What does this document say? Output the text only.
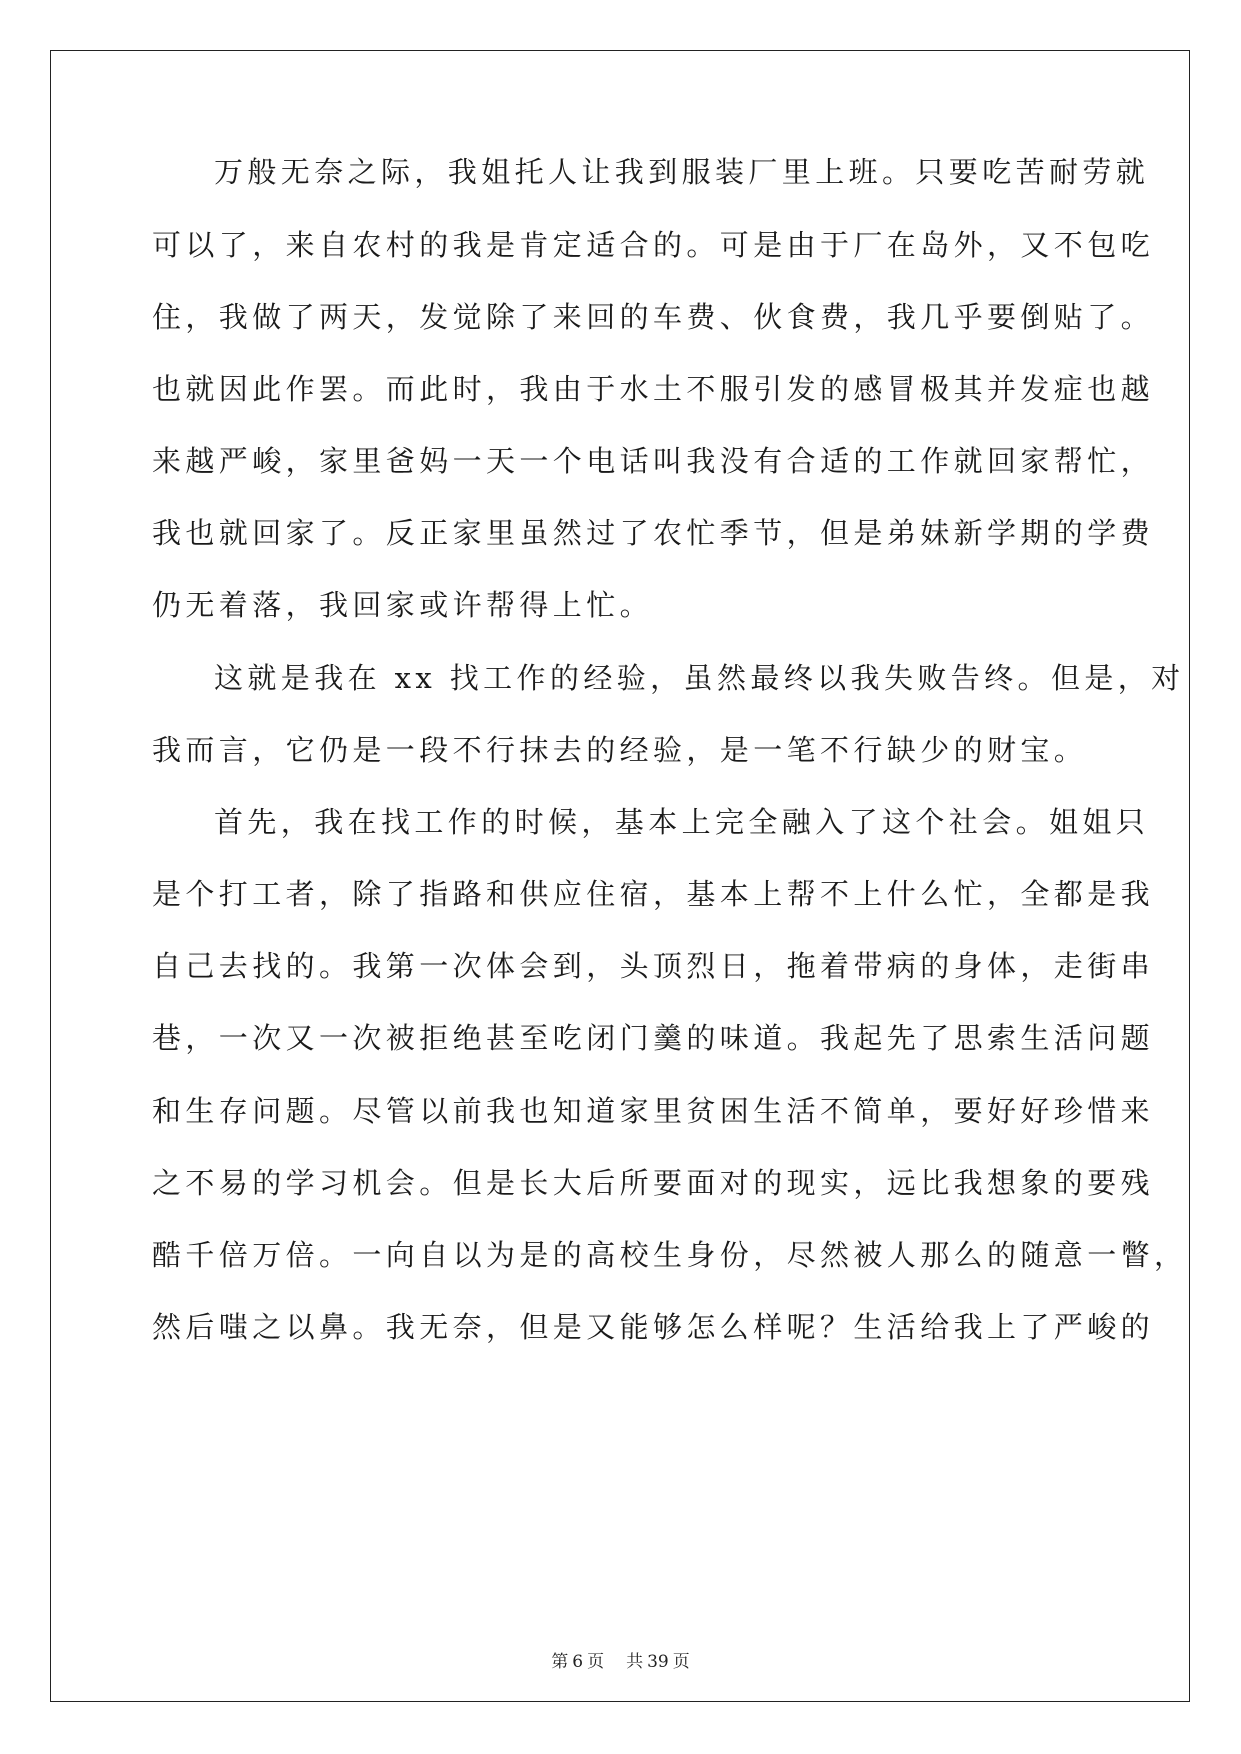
万般无奈之际，我姐托人让我到服装厂里上班。只要吃苦耐劳就
可以了，来自农村的我是肯定适合的。可是由于厂在岛外，又不包吃
住，我做了两天，发觉除了来回的车费、伙食费，我几乎要倒贴了。
也就因此作罢。而此时，我由于水土不服引发的感冒极其并发症也越
来越严峻，家里爸妈一天一个电话叫我没有合适的工作就回家帮忙，
我也就回家了。反正家里虽然过了农忙季节，但是弟妹新学期的学费
仍无着落，我回家或许帮得上忙。
这就是我在 xx 找工作的经验，虽然最终以我失败告终。但是，对
我而言，它仍是一段不行抹去的经验，是一笔不行缺少的财宝。
首先，我在找工作的时候，基本上完全融入了这个社会。姐姐只
是个打工者，除了指路和供应住宿，基本上帮不上什么忙，全都是我
自己去找的。我第一次体会到，头顶烈日，拖着带病的身体，走街串
巷，一次又一次被拒绝甚至吃闭门羹的味道。我起先了思索生活问题
和生存问题。尽管以前我也知道家里贫困生活不简单，要好好珍惜来
之不易的学习机会。但是长大后所要面对的现实，远比我想象的要残
酷千倍万倍。一向自以为是的高校生身份，尽然被人那么的随意一瞥，
然后嗤之以鼻。我无奈，但是又能够怎么样呢？生活给我上了严峻的
第 6 页 共 39 页
